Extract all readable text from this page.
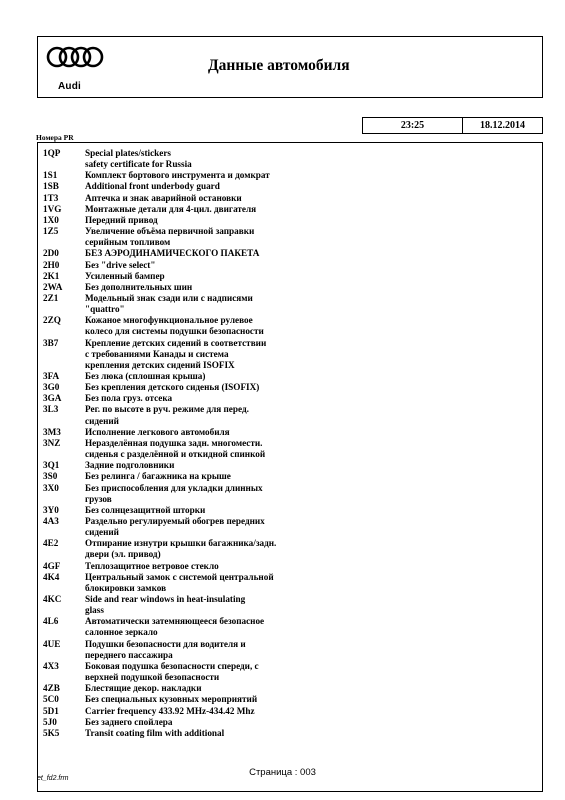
Audi
Данные автомобиля
23:25	18.12.2014
Номера PR
1QP	Special plates/stickers
safety certificate for Russia
1S1	Комплект бортового инструмента и домкрат
1SB	Additional front underbody guard
1T3	Аптечка и знак аварийной остановки
1VG	Монтажные детали для 4-цил. двигателя
1X0	Передний привод
1Z5	Увеличение объёма первичной заправки
серийным топливом
2D0	БЕЗ АЭРОДИНАМИЧЕСКОГО ПАКЕТА
2H0	Без "drive select"
2K1	Усиленный бампер
2WA	Без дополнительных шин
2Z1	Модельный знак сзади или с надписями
"quattro"
2ZQ	Кожаное многофункциональное рулевое
колесо для системы подушки безопасности
3B7	Крепление детских сидений в соответствии
с требованиями Канады и система
крепления детских сидений ISOFIX
3FA	Без люка (сплошная крыша)
3G0	Без крепления детского сиденья (ISOFIX)
3GA	Без пола груз. отсека
3L3	Рег. по высоте в руч. режиме для перед.
сидений
3M3	Исполнение легкового автомобиля
3NZ	Неразделённая подушка задн. многомести.
сиденья с разделённой и откидной спинкой
3Q1	Задние подголовники
3S0	Без релинга / багажника на крыше
3X0	Без приспособления для укладки длинных
грузов
3Y0	Без солнцезащитной шторки
4A3	Раздельно регулируемый обогрев передних
сидений
4E2	Отпирание изнутри крышки багажника/задн.
двери (эл. привод)
4GF	Теплозащитное ветровое стекло
4K4	Центральный замок с системой центральной
блокировки замков
4KC	Side and rear windows in heat-insulating
glass
4L6	Автоматически затемняющееся безопасное
салонное зеркало
4UE	Подушки безопасности для водителя и
переднего пассажира
4X3	Боковая подушка безопасности спереди, с
верхней подушкой безопасности
4ZB	Блестящие декор. накладки
5C0	Без специальных кузовных мероприятий
5D1	Carrier frequency 433.92 MHz-434.42 Mhz
5J0	Без заднего спойлера
5K5	Transit coating film with additional
Страница : 003
et_fd2.frm
